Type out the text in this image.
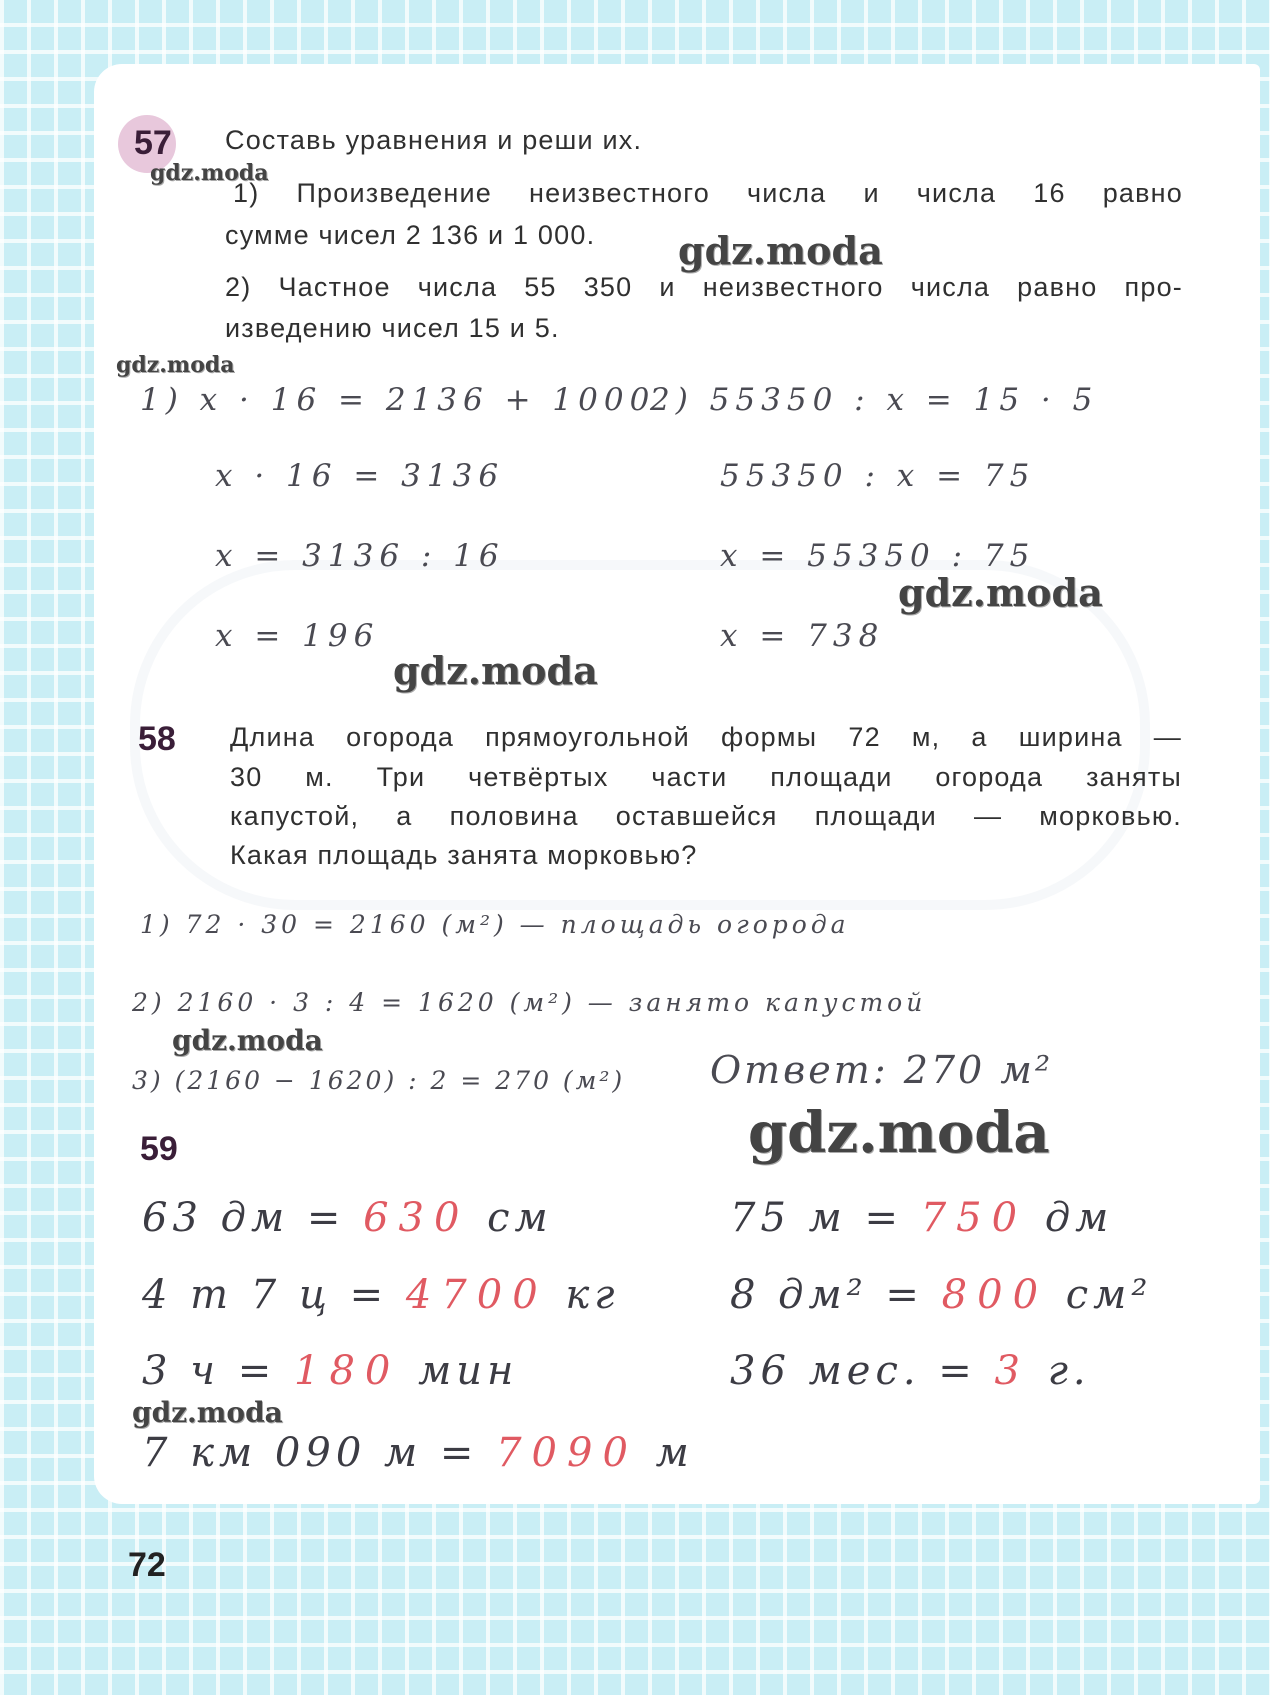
57 Составь уравнения и реши их.
1) Произведение неизвестного числа и числа 16 равно
сумме чисел 2 136 и 1 000.
2) Частное числа 55 350 и неизвестного числа равно про-
изведению чисел 15 и 5.
1) x · 16 = 2136 + 1000
x · 16 = 3136
x = 3136 : 16
x = 196
2) 55350 : x = 15 · 5
55350 : x = 75
x = 55350 : 75
x = 738
58 Длина огорода прямоугольной формы 72 м, а ширина —
30 м. Три четвёртых части площади огорода заняты
капустой, а половина оставшейся площади — морковью.
Какая площадь занята морковью?
1) 72 · 30 = 2160 (м²) — площадь огорода
2) 2160 · 3 : 4 = 1620 (м²) — занято капустой
3) (2160 − 1620) : 2 = 270 (м²) Ответ: 270 м²
59
63 дм = 630 см	75 м = 750 дм
4 т 7 ц = 4700 кг	8 дм² = 800 см²
3 ч = 180 мин	36 мес. = 3 г.
7 км 090 м = 7090 м
gdz.moda
gdz.moda
gdz.moda
gdz.moda
gdz.moda
gdz.moda
gdz.moda
gdz.moda
72
